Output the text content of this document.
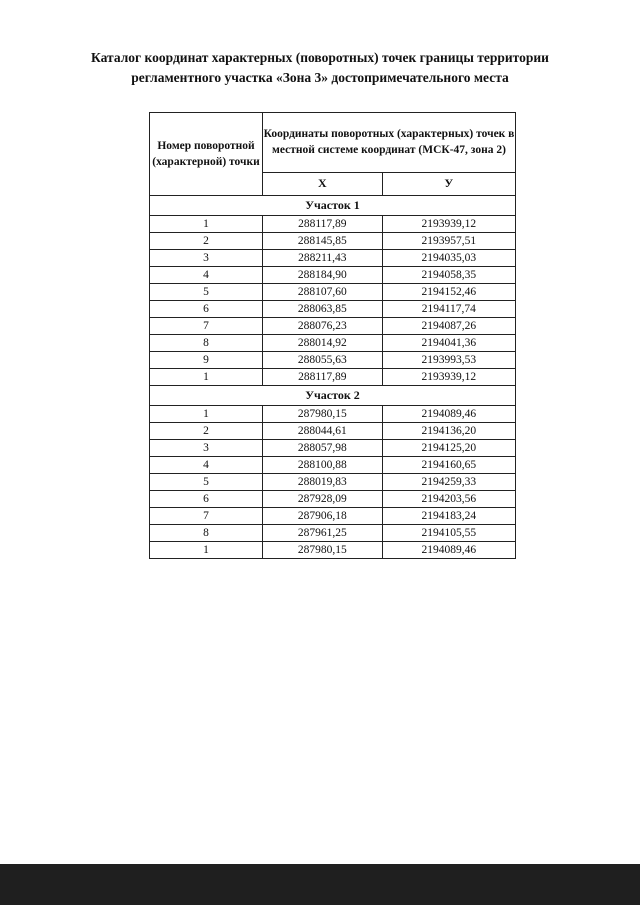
Каталог координат характерных (поворотных) точек границы территории
регламентного участка «Зона 3» достопримечательного места
Номер поворотной (характерной) точки	Координаты поворотных (характерных) точек в местной системе координат (МСК-47, зона 2)	
	X	У
Участок 1		
1	288117,89	2193939,12
2	288145,85	2193957,51
3	288211,43	2194035,03
4	288184,90	2194058,35
5	288107,60	2194152,46
6	288063,85	2194117,74
7	288076,23	2194087,26
8	288014,92	2194041,36
9	288055,63	2193993,53
1	288117,89	2193939,12
Участок 2		
1	287980,15	2194089,46
2	288044,61	2194136,20
3	288057,98	2194125,20
4	288100,88	2194160,65
5	288019,83	2194259,33
6	287928,09	2194203,56
7	287906,18	2194183,24
8	287961,25	2194105,55
1	287980,15	2194089,46
